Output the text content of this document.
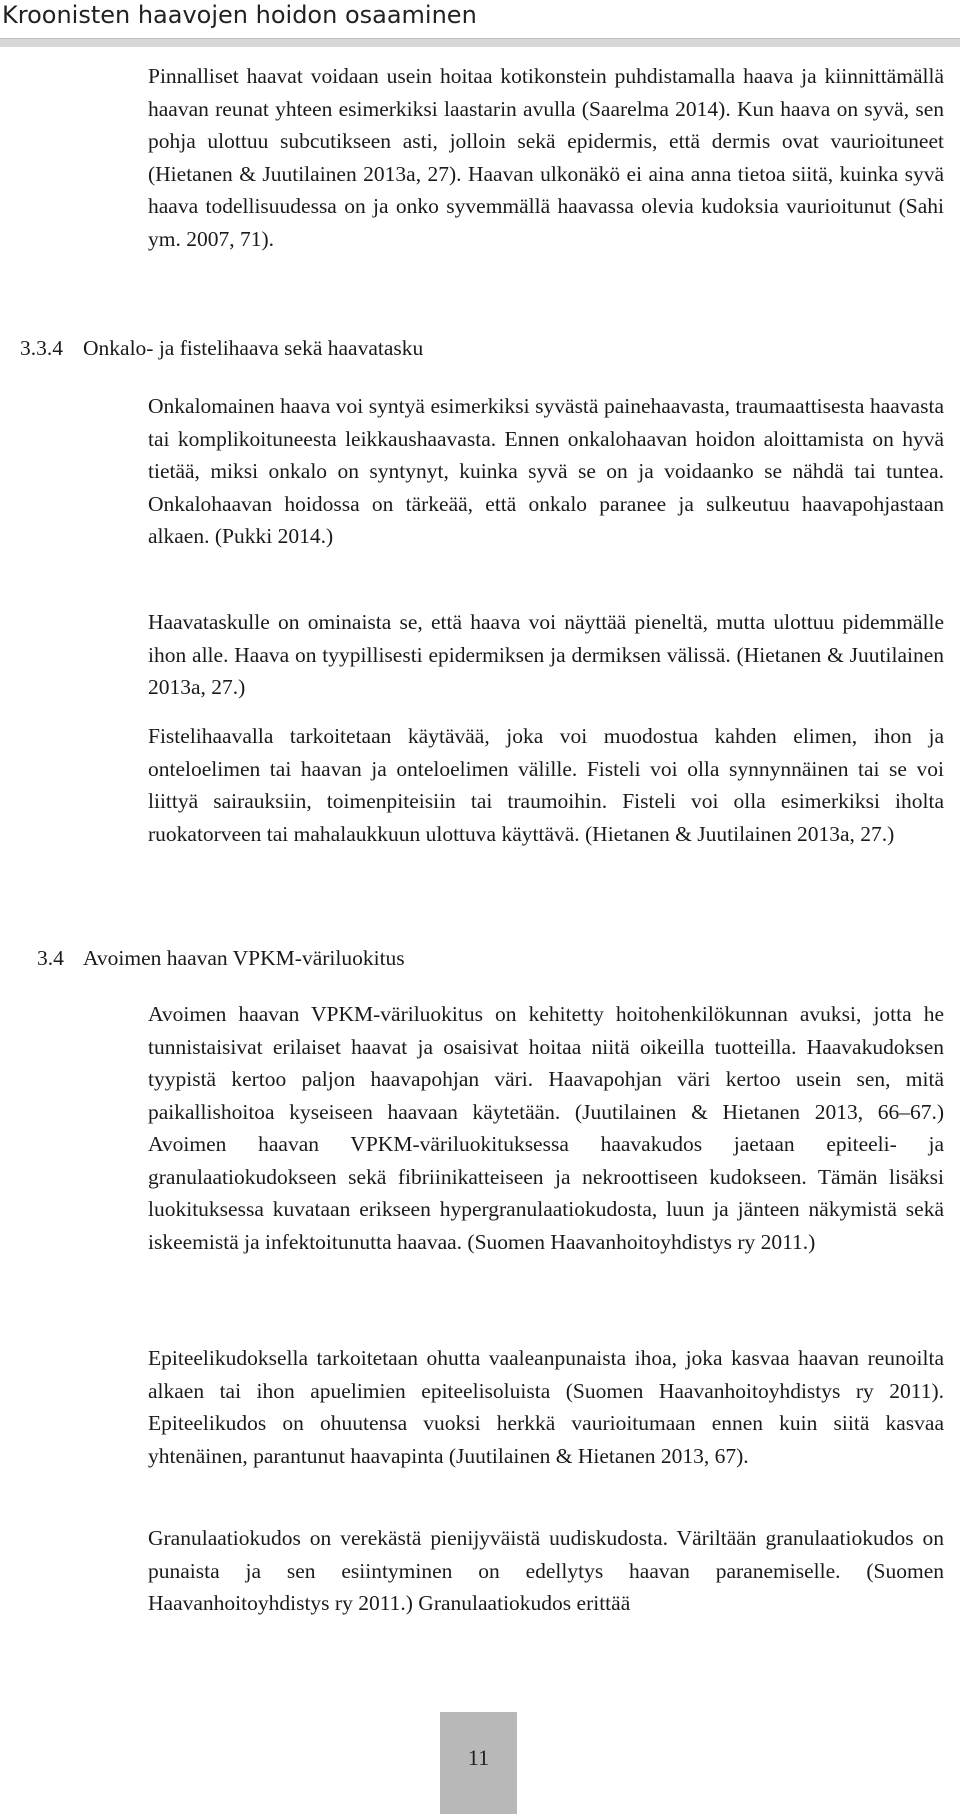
Kroonisten haavojen hoidon osaaminen

Pinnalliset haavat voidaan usein hoitaa kotikonstein puhdistamalla haava ja kiinnittämällä haavan reunat yhteen esimerkiksi laastarin avulla (Saarelma 2014). Kun haava on syvä, sen pohja ulottuu subcutikseen asti, jolloin sekä epidermis, että dermis ovat vaurioituneet (Hietanen & Juutilainen 2013a, 27). Haavan ulkonäkö ei aina anna tietoa siitä, kuinka syvä haava todellisuudessa on ja onko syvemmällä haavassa olevia kudoksia vaurioitunut (Sahi ym. 2007, 71).

3.3.4 Onkalo- ja fistelihaava sekä haavatasku

Onkalomainen haava voi syntyä esimerkiksi syvästä painehaavasta, traumaattisesta haavasta tai komplikoituneesta leikkaushaavasta. Ennen onkalohaavan hoidon aloittamista on hyvä tietää, miksi onkalo on syntynyt, kuinka syvä se on ja voidaanko se nähdä tai tuntea. Onkalohaavan hoidossa on tärkeää, että onkalo paranee ja sulkeutuu haavapohjastaan alkaen. (Pukki 2014.)

Haavataskulle on ominaista se, että haava voi näyttää pieneltä, mutta ulottuu pidemmälle ihon alle. Haava on tyypillisesti epidermiksen ja dermiksen välissä. (Hietanen & Juutilainen 2013a, 27.)

Fistelihaavalla tarkoitetaan käytävää, joka voi muodostua kahden elimen, ihon ja onteloelimen tai haavan ja onteloelimen välille. Fisteli voi olla synnynnäinen tai se voi liittyä sairauksiin, toimenpiteisiin tai traumoihin. Fisteli voi olla esimerkiksi iholta ruokatorveen tai mahalaukkuun ulottuva käyttävä. (Hietanen & Juutilainen 2013a, 27.)

3.4 Avoimen haavan VPKM-väriluokitus

Avoimen haavan VPKM-väriluokitus on kehitetty hoitohenkilökunnan avuksi, jotta he tunnistaisivat erilaiset haavat ja osaisivat hoitaa niitä oikeilla tuotteilla. Haavakudoksen tyypistä kertoo paljon haavapohjan väri. Haavapohjan väri kertoo usein sen, mitä paikallishoitoa kyseiseen haavaan käytetään. (Juutilainen & Hietanen 2013, 66–67.) Avoimen haavan VPKM-väriluokituksessa haavakudos jaetaan epiteeli- ja granulaatiokudokseen sekä fibriinikatteiseen ja nekroottiseen kudokseen. Tämän lisäksi luokituksessa kuvataan erikseen hypergranulaatiokudosta, luun ja jänteen näkymistä sekä iskeemistä ja infektoitunutta haavaa. (Suomen Haavanhoitoyhdistys ry 2011.)

Epiteelikudoksella tarkoitetaan ohutta vaaleanpunaista ihoa, joka kasvaa haavan reunoilta alkaen tai ihon apuelimien epiteelisoluista (Suomen Haavanhoitoyhdistys ry 2011). Epiteelikudos on ohuutensa vuoksi herkkä vaurioitumaan ennen kuin siitä kasvaa yhtenäinen, parantunut haavapinta (Juutilainen & Hietanen 2013, 67).

Granulaatiokudos on verekästä pienijyväistä uudiskudosta. Väriltään granulaatiokudos on punaista ja sen esiintyminen on edellytys haavan paranemiselle. (Suomen Haavanhoitoyhdistys ry 2011.) Granulaatiokudos erittää

11
